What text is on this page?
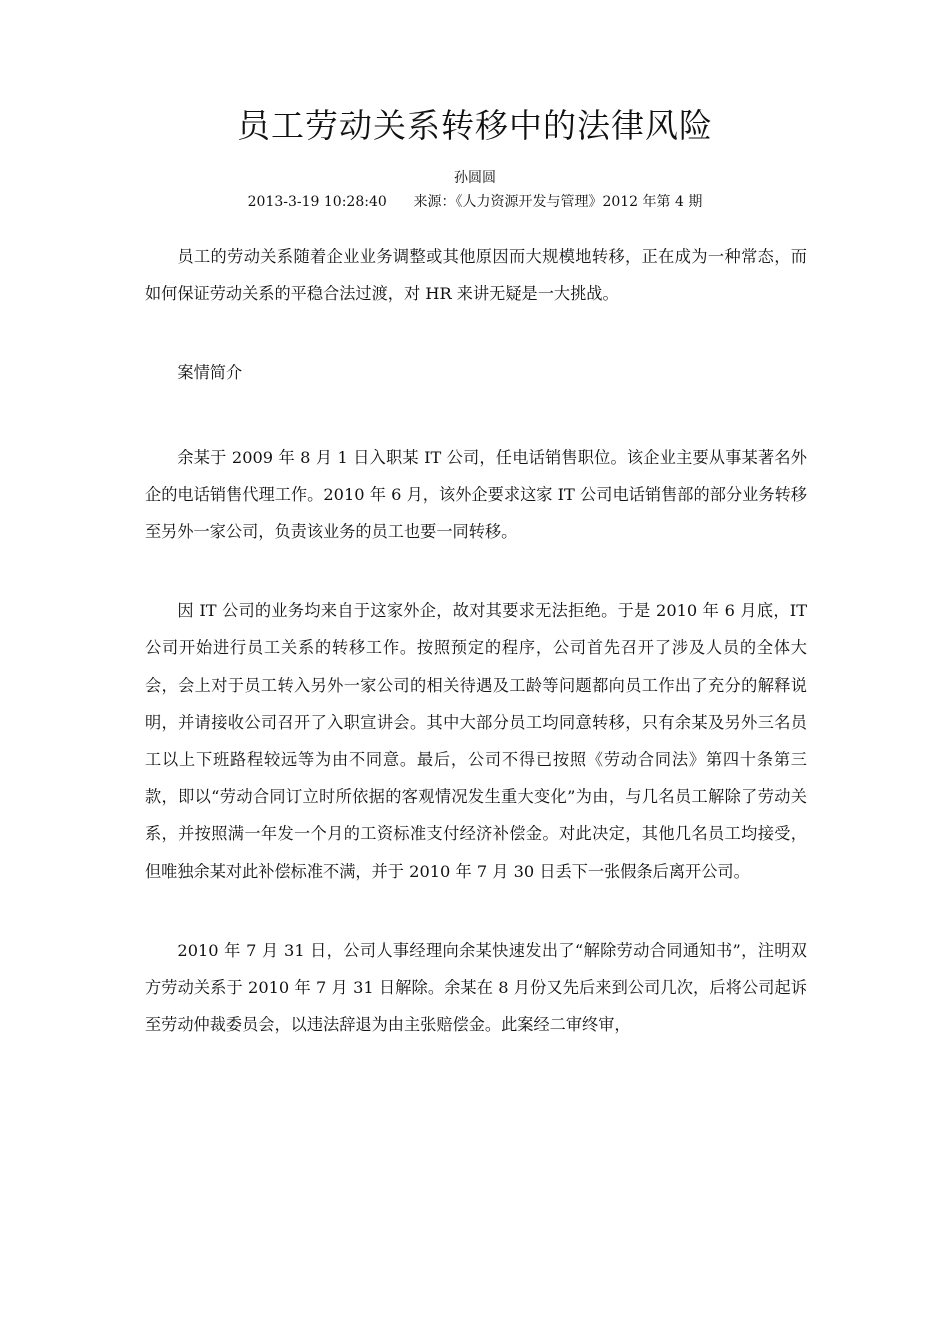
员工劳动关系转移中的法律风险
孙圆圆
2013-3-19 10:28:40      来源：《人力资源开发与管理》2012 年第 4 期

员工的劳动关系随着企业业务调整或其他原因而大规模地转移，正在成为一种常态，而如何保证劳动关系的平稳合法过渡，对 HR 来讲无疑是一大挑战。

案情简介

余某于 2009 年 8 月 1 日入职某 IT 公司，任电话销售职位。该企业主要从事某著名外企的电话销售代理工作。2010 年 6 月，该外企要求这家 IT 公司电话销售部的部分业务转移至另外一家公司，负责该业务的员工也要一同转移。

因 IT 公司的业务均来自于这家外企，故对其要求无法拒绝。于是 2010 年 6 月底，IT 公司开始进行员工关系的转移工作。按照预定的程序，公司首先召开了涉及人员的全体大会，会上对于员工转入另外一家公司的相关待遇及工龄等问题都向员工作出了充分的解释说明，并请接收公司召开了入职宣讲会。其中大部分员工均同意转移，只有余某及另外三名员工以上下班路程较远等为由不同意。最后，公司不得已按照《劳动合同法》第四十条第三款，即以“劳动合同订立时所依据的客观情况发生重大变化”为由，与几名员工解除了劳动关系，并按照满一年发一个月的工资标准支付经济补偿金。对此决定，其他几名员工均接受，但唯独余某对此补偿标准不满，并于 2010 年 7 月 30 日丢下一张假条后离开公司。

2010 年 7 月 31 日，公司人事经理向余某快速发出了“解除劳动合同通知书”，注明双方劳动关系于 2010 年 7 月 31 日解除。余某在 8 月份又先后来到公司几次，后将公司起诉至劳动仲裁委员会，以违法辞退为由主张赔偿金。此案经二审终审，
